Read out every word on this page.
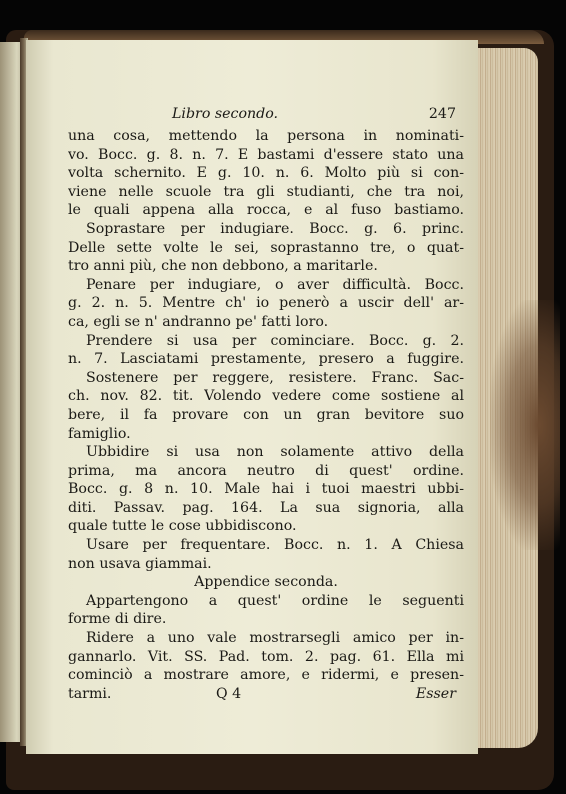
Libro secondo.	247
una cosa, mettendo la persona in nominati-
vo. Bocc. g. 8. n. 7. E bastami d'essere stato una
volta schernito. E g. 10. n. 6. Molto più si con-
viene nelle scuole tra gli studianti, che tra noi,
le quali appena alla rocca, e al fuso bastiamo.
Soprastare per indugiare. Bocc. g. 6. princ.
Delle sette volte le sei, soprastanno tre, o quat-
tro anni più, che non debbono, a maritarle.
Penare per indugiare, o aver difficultà. Bocc.
g. 2. n. 5. Mentre ch' io penerò a uscir dell' ar-
ca, egli se n' andranno pe' fatti loro.
Prendere si usa per cominciare. Bocc. g. 2.
n. 7. Lasciatami prestamente, presero a fuggire.
Sostenere per reggere, resistere. Franc. Sac-
ch. nov. 82. tit. Volendo vedere come sostiene al
bere, il fa provare con un gran bevitore suo
famiglio.
Ubbidire si usa non solamente attivo della
prima, ma ancora neutro di quest' ordine.
Bocc. g. 8 n. 10. Male hai i tuoi maestri ubbi-
diti. Passav. pag. 164. La sua signoria, alla
quale tutte le cose ubbidiscono.
Usare per frequentare. Bocc. n. 1. A Chiesa
non usava giammai.
Appendice seconda.
Appartengono a quest' ordine le seguenti
forme di dire.
Ridere a uno vale mostrarsegli amico per in-
gannarlo. Vit. SS. Pad. tom. 2. pag. 61. Ella mi
cominciò a mostrare amore, e ridermi, e presen-
tarmi.	Q 4	Esser
